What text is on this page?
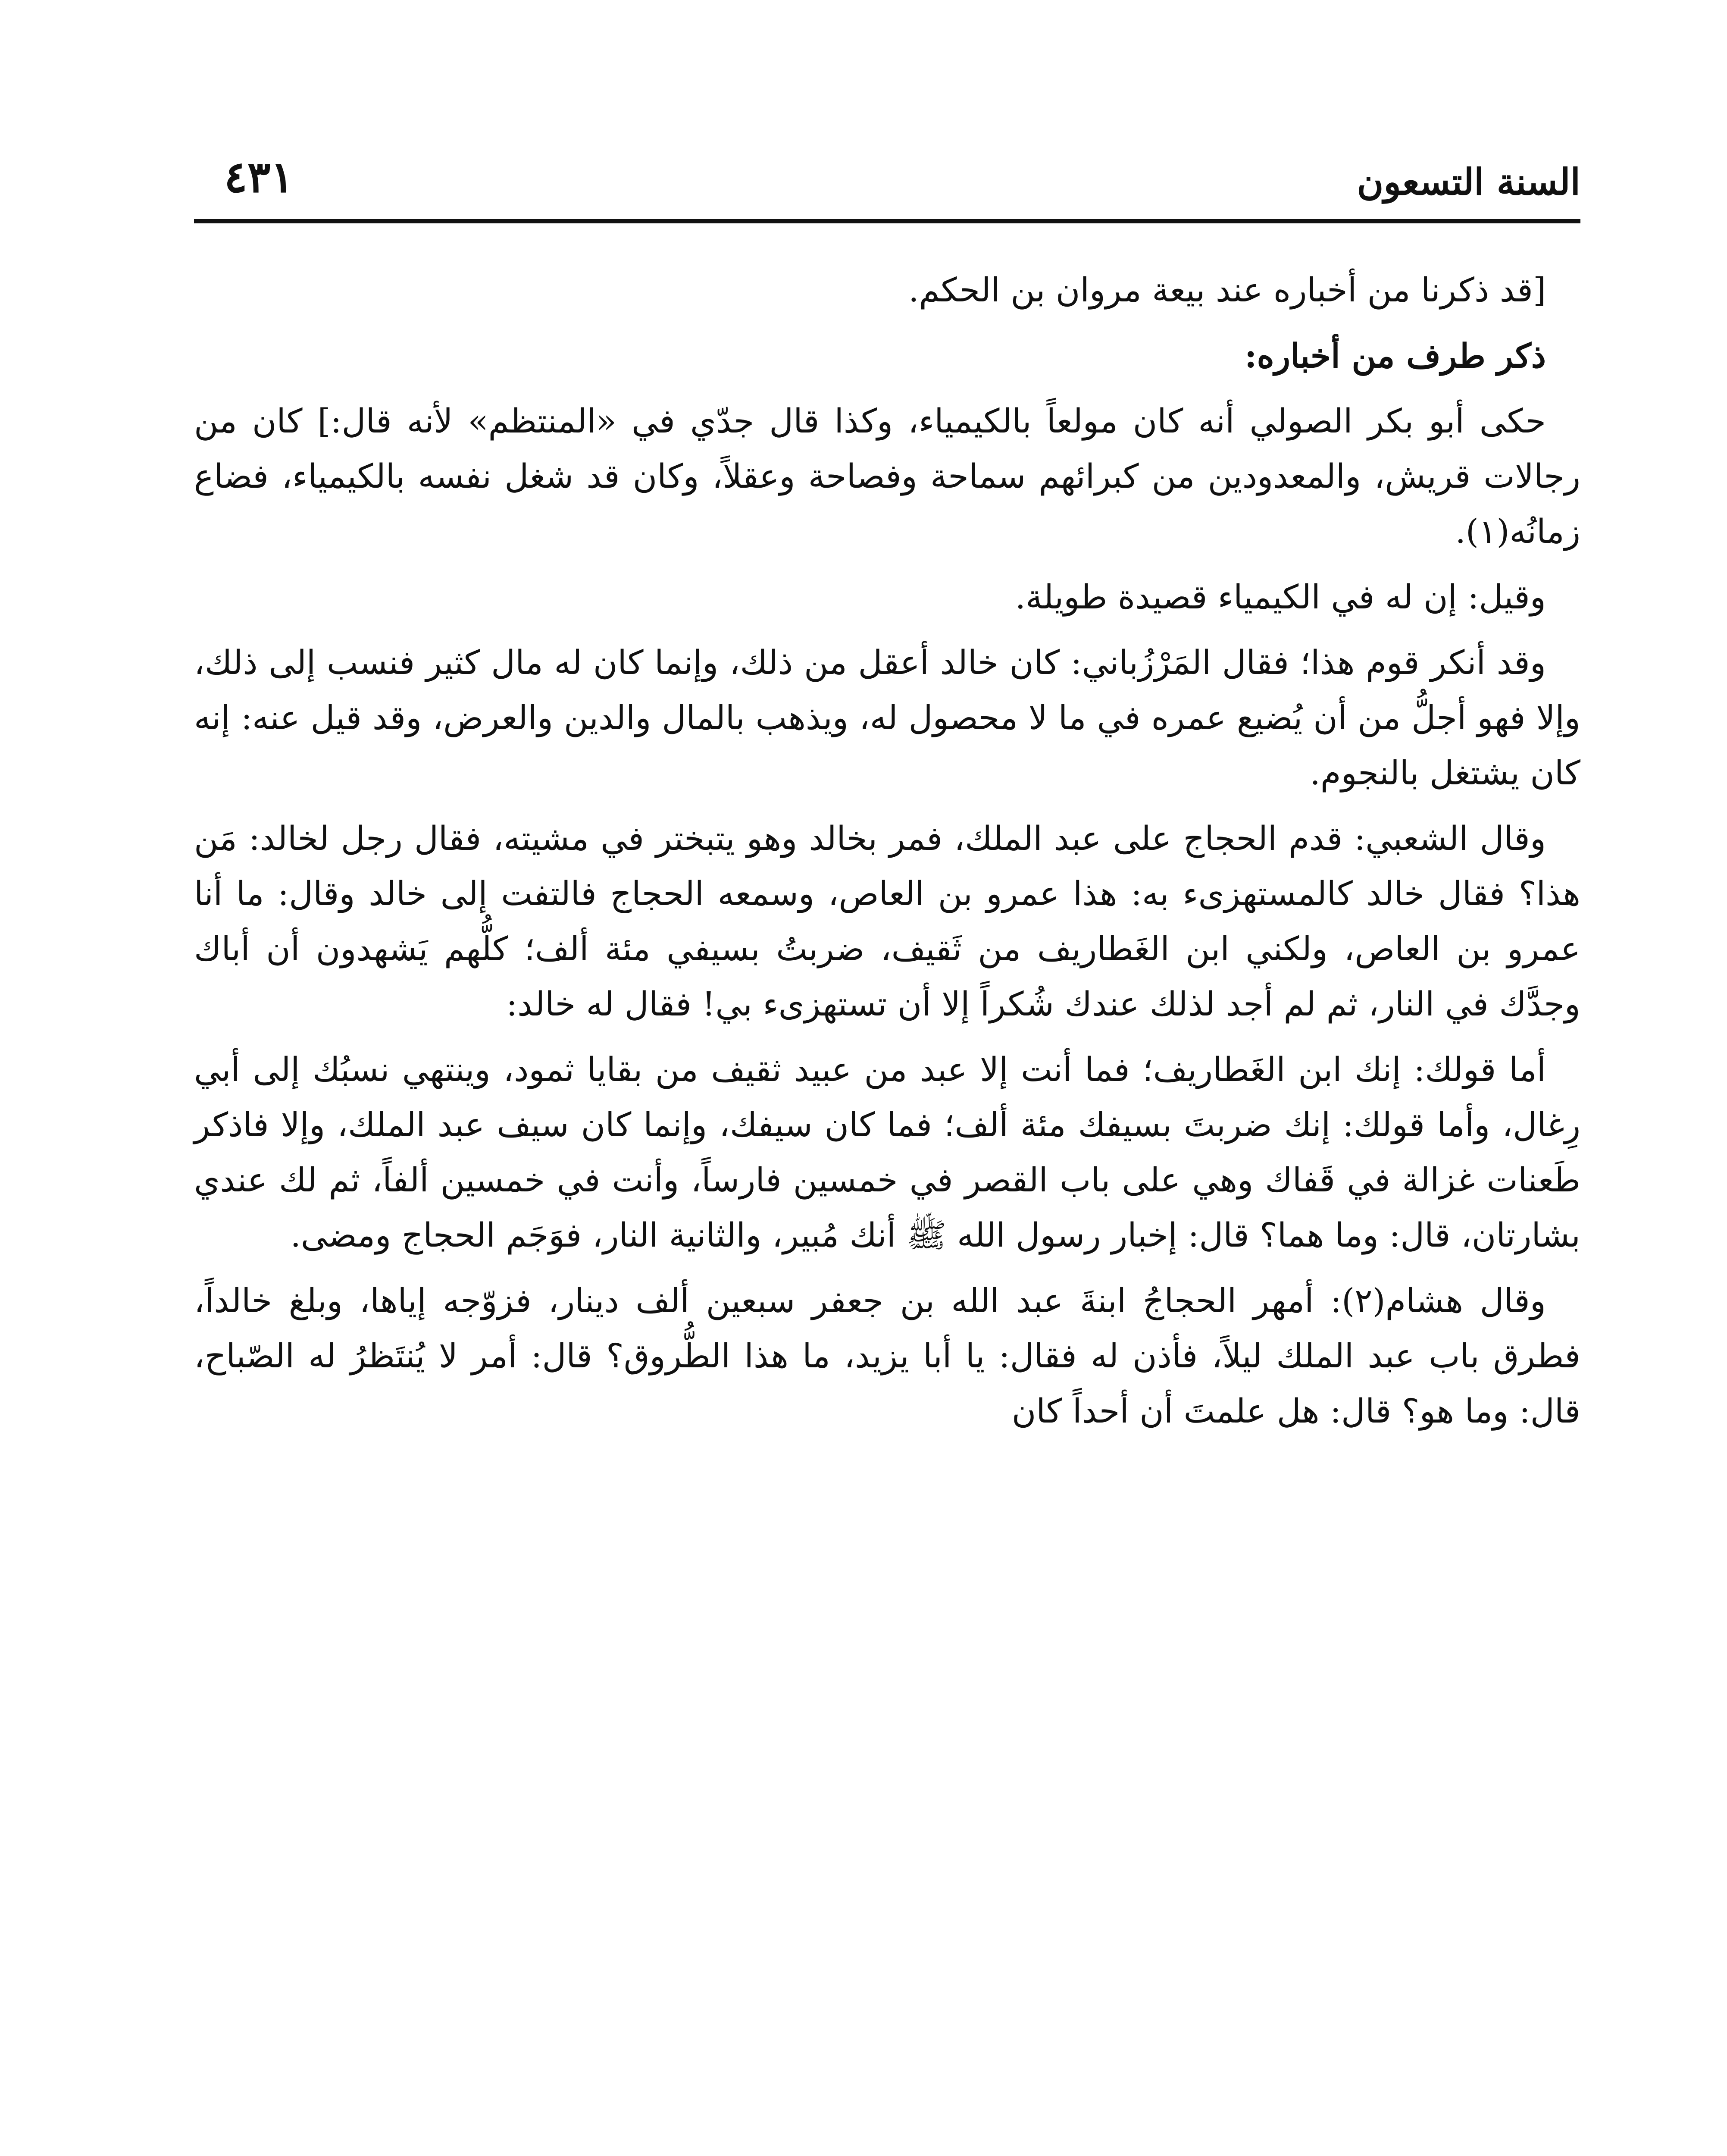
السنة التسعون
٤٣١

[قد ذكرنا من أخباره عند بيعة مروان بن الحكم.

ذكر طرف من أخباره:

حكى أبو بكر الصولي أنه كان مولعاً بالكيمياء، وكذا قال جدّي في «المنتظم» لأنه قال:] كان من رجالات قريش، والمعدودين من كبرائهم سماحة وفصاحة وعقلاً، وكان قد شغل نفسه بالكيمياء، فضاع زمانُه(١).

وقيل: إن له في الكيمياء قصيدة طويلة.

وقد أنكر قوم هذا؛ فقال المَرْزُباني: كان خالد أعقل من ذلك، وإنما كان له مال كثير فنسب إلى ذلك، وإلا فهو أجلُّ من أن يُضيع عمره في ما لا محصول له، ويذهب بالمال والدين والعرض، وقد قيل عنه: إنه كان يشتغل بالنجوم.

وقال الشعبي: قدم الحجاج على عبد الملك، فمر بخالد وهو يتبختر في مشيته، فقال رجل لخالد: مَن هذا؟ فقال خالد كالمستهزىء به: هذا عمرو بن العاص، وسمعه الحجاج فالتفت إلى خالد وقال: ما أنا عمرو بن العاص، ولكني ابن الغَطاريف من ثَقيف، ضربتُ بسيفي مئة ألف؛ كلُّهم يَشهدون أن أباك وجدَّك في النار، ثم لم أجد لذلك عندك شُكراً إلا أن تستهزىء بي! فقال له خالد:

أما قولك: إنك ابن الغَطاريف؛ فما أنت إلا عبد من عبيد ثقيف من بقايا ثمود، وينتهي نسبُك إلى أبي رِغال، وأما قولك: إنك ضربتَ بسيفك مئة ألف؛ فما كان سيفك، وإنما كان سيف عبد الملك، وإلا فاذكر طَعنات غزالة في قَفاك وهي على باب القصر في خمسين فارساً، وأنت في خمسين ألفاً، ثم لك عندي بشارتان، قال: وما هما؟ قال: إخبار رسول الله ﷺ أنك مُبير، والثانية النار، فوَجَم الحجاج ومضى.

وقال هشام(٢): أمهر الحجاجُ ابنةَ عبد الله بن جعفر سبعين ألف دينار، فزوّجه إياها، وبلغ خالداً، فطرق باب عبد الملك ليلاً، فأذن له فقال: يا أبا يزيد، ما هذا الطُّروق؟ قال: أمر لا يُنتَظرُ له الصّباح، قال: وما هو؟ قال: هل علمتَ أن أحداً كان
